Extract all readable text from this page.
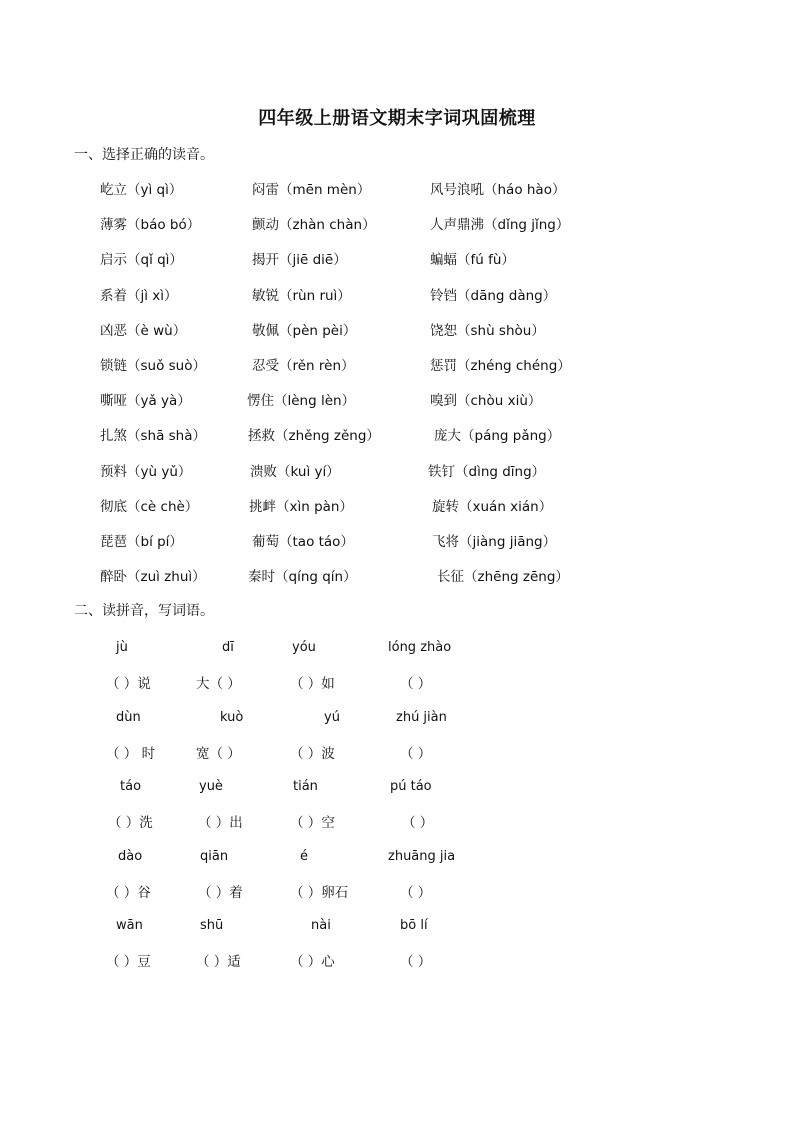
四年级上册语文期末字词巩固梳理
一、选择正确的读音。
屹立（yì qì）	闷雷（mēn mèn）	风号浪吼（háo hào）
薄雾（báo bó）	颤动（zhàn chàn）	人声鼎沸（dǐng jǐng）
启示（qǐ qì）	揭开（jiē diē）	蝙蝠（fú fù）
系着（jì xì）	敏锐（rùn ruì）	铃铛（dāng dàng）
凶恶（è wù）	敬佩（pèn pèi）	饶恕（shù shòu）
锁链（suǒ suò）	忍受（rěn rèn）	惩罚（zhéng chéng）
嘶哑（yǎ yà）	愣住（lèng lèn）	嗅到（chòu xiù）
扎煞（shā shà）	拯救（zhěng zěng）	庞大（páng pǎng）
预料（yù yǔ）	溃败（kuì yí）	铁钉（dìng dīng）
彻底（cè chè）	挑衅（xìn pàn）	旋转（xuán xián）
琵琶（bí pí）	葡萄（tao táo）	飞将（jiàng jiāng）
醉卧（zuì zhuì）	秦时（qíng qín）	长征（zhēng zēng）
二、读拼音，写词语。
jù	dī	yóu	lóng zhào
（ ）说	大（ ）	（ ）如	（ ）
dùn	kuò	yú	zhú jiàn
（ ） 时	宽（ ）	（ ）波	（ ）
táo	yuè	tián	pú táo
（ ）洗	（ ）出	（ ）空	（ ）
dào	qiān	é	zhuāng jia
（ ）谷	（ ）着	（ ）卵石	（ ）
wān	shū	nài	bō lí
（ ）豆	（ ）适	（ ）心	（ ）
